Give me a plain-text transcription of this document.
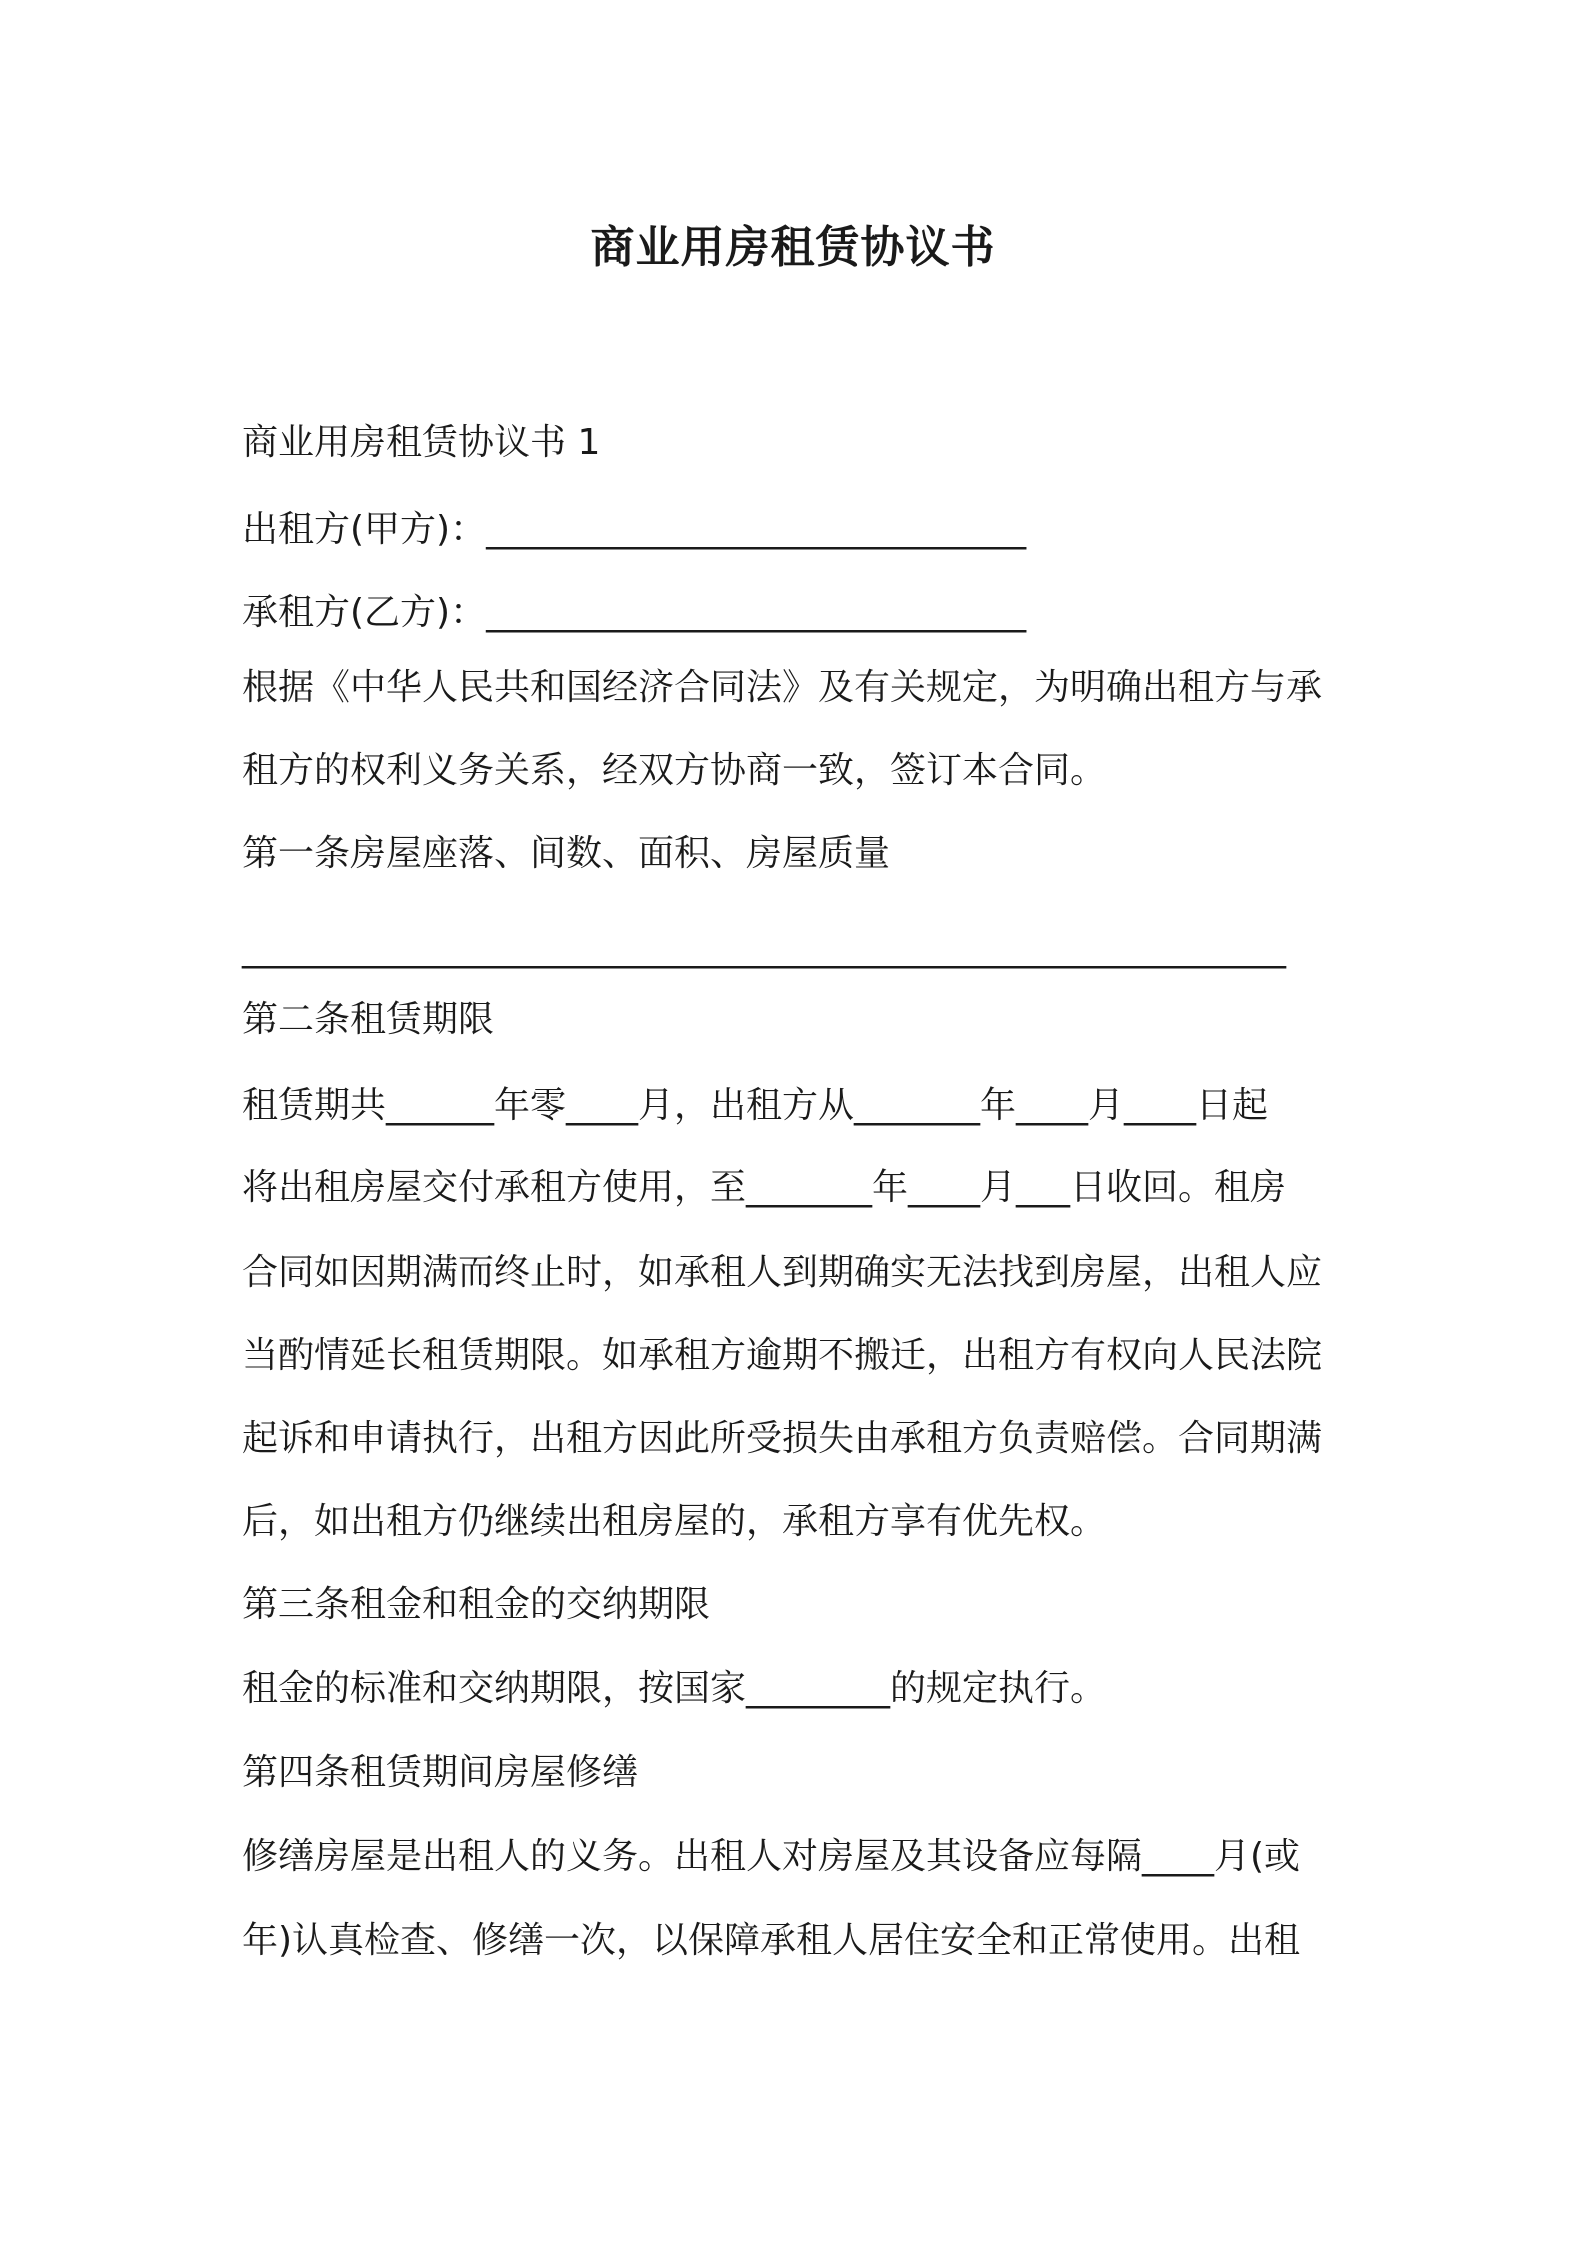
商业用房租赁协议书
商业用房租赁协议书 1
出租方(甲方)：______________________________
承租方(乙方)：______________________________
根据《中华人民共和国经济合同法》及有关规定，为明确出租方与承
租方的权利义务关系，经双方协商一致，签订本合同。
第一条房屋座落、间数、面积、房屋质量
__________________________________________________________
第二条租赁期限
租赁期共______年零____月，出租方从_______年____月____日起
将出租房屋交付承租方使用，至_______年____月___日收回。租房
合同如因期满而终止时，如承租人到期确实无法找到房屋，出租人应
当酌情延长租赁期限。如承租方逾期不搬迁，出租方有权向人民法院
起诉和申请执行，出租方因此所受损失由承租方负责赔偿。合同期满
后，如出租方仍继续出租房屋的，承租方享有优先权。
第三条租金和租金的交纳期限
租金的标准和交纳期限，按国家________的规定执行。
第四条租赁期间房屋修缮
修缮房屋是出租人的义务。出租人对房屋及其设备应每隔____月(或
年)认真检查、修缮一次，以保障承租人居住安全和正常使用。出租
